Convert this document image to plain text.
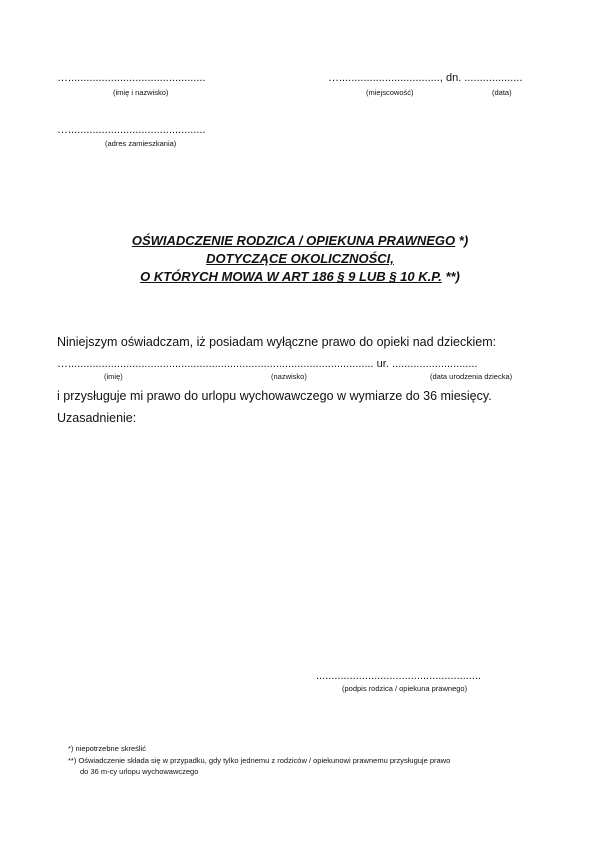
….............................................
(imię i nazwisko)
…................................., dn. ...................
(miejscowość)	(data)
….............................................
(adres zamieszkania)
OŚWIADCZENIE RODZICA / OPIEKUNA PRAWNEGO *)
DOTYCZĄCE OKOLICZNOŚCI,
O KTÓRYCH MOWA W ART 186 § 9 LUB § 10 K.P. **)
Niniejszym oświadczam, iż posiadam wyłączne prawo do opieki nad dzieckiem:
….................................................................................................... ur. ............................
(imię)	(nazwisko)	(data urodzenia dziecka)
i przysługuje mi prawo do urlopu wychowawczego w wymiarze do 36 miesięcy.
Uzasadnienie:
......................................................
(podpis rodzica / opiekuna prawnego)
*) niepotrzebne skreślić
**) Oświadczenie składa się w przypadku, gdy tylko jednemu z rodziców / opiekunowi prawnemu przysługuje prawo
do 36 m-cy urlopu wychowawczego
